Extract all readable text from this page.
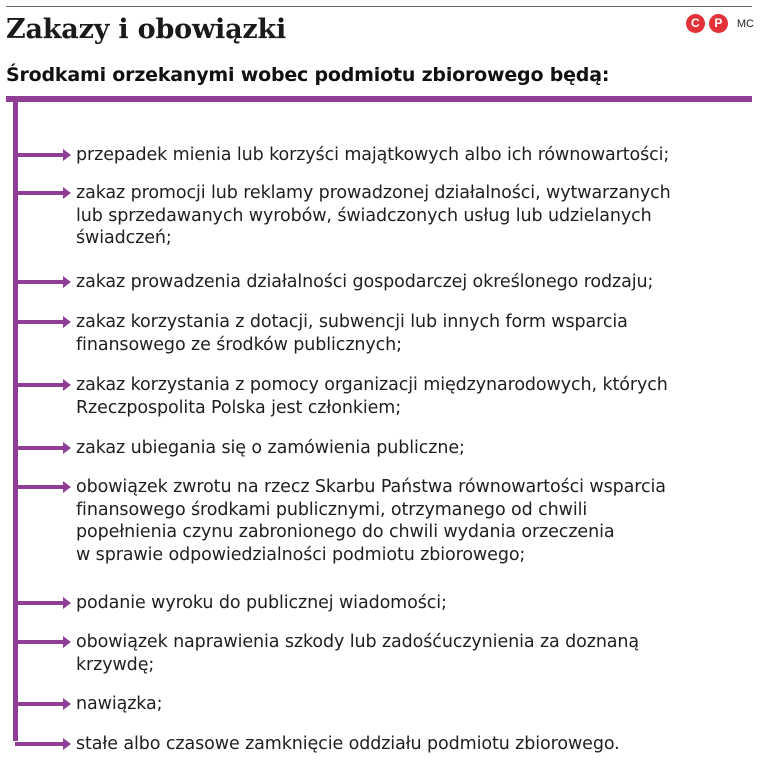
Zakazy i obowiązki	C	P	MC
Środkami orzekanymi wobec podmiotu zbiorowego będą:
przepadek mienia lub korzyści majątkowych albo ich równowartości;
zakaz promocji lub reklamy prowadzonej działalności, wytwarzanych
lub sprzedawanych wyrobów, świadczonych usług lub udzielanych
świadczeń;
zakaz prowadzenia działalności gospodarczej określonego rodzaju;
zakaz korzystania z dotacji, subwencji lub innych form wsparcia
finansowego ze środków publicznych;
zakaz korzystania z pomocy organizacji międzynarodowych, których
Rzeczpospolita Polska jest członkiem;
zakaz ubiegania się o zamówienia publiczne;
obowiązek zwrotu na rzecz Skarbu Państwa równowartości wsparcia
finansowego środkami publicznymi, otrzymanego od chwili
popełnienia czynu zabronionego do chwili wydania orzeczenia
w sprawie odpowiedzialności podmiotu zbiorowego;
podanie wyroku do publicznej wiadomości;
obowiązek naprawienia szkody lub zadośćuczynienia za doznaną
krzywdę;
nawiązka;
stałe albo czasowe zamknięcie oddziału podmiotu zbiorowego.
